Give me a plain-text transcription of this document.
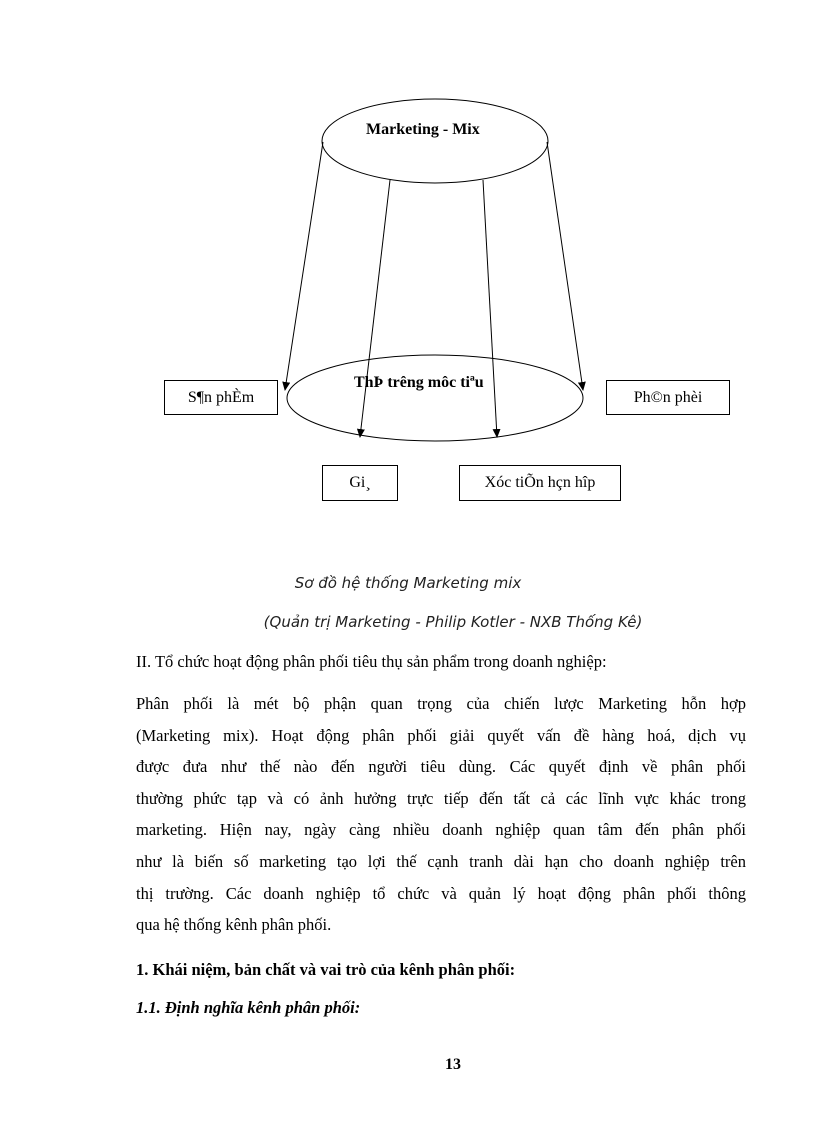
Marketing - Mix
ThÞ trêng môc tiªu
S¶n phÈm	Ph©n phèi
Gi¸	Xóc tiÕn hçn hîp
Sơ đồ hệ thống Marketing mix
(Quản trị Marketing - Philip Kotler - NXB Thống Kê)
II. Tổ chức hoạt động phân phối tiêu thụ sản phẩm trong doanh nghiệp:
Phân phối là mét bộ phận quan trọng của chiến lược Marketing hỗn hợp
(Marketing mix). Hoạt động phân phối giải quyết vấn đề hàng hoá, dịch vụ
được đưa như thế nào đến người tiêu dùng. Các quyết định về phân phối
thường phức tạp và có ảnh hưởng trực tiếp đến tất cả các lĩnh vực khác trong
marketing. Hiện nay, ngày càng nhiều doanh nghiệp quan tâm đến phân phối
như là biến số marketing tạo lợi thế cạnh tranh dài hạn cho doanh nghiệp trên
thị trường. Các doanh nghiệp tổ chức và quản lý hoạt động phân phối thông
qua hệ thống kênh phân phối.
1. Khái niệm, bản chất và vai trò của kênh phân phối:
1.1. Định nghĩa kênh phân phối:
13
